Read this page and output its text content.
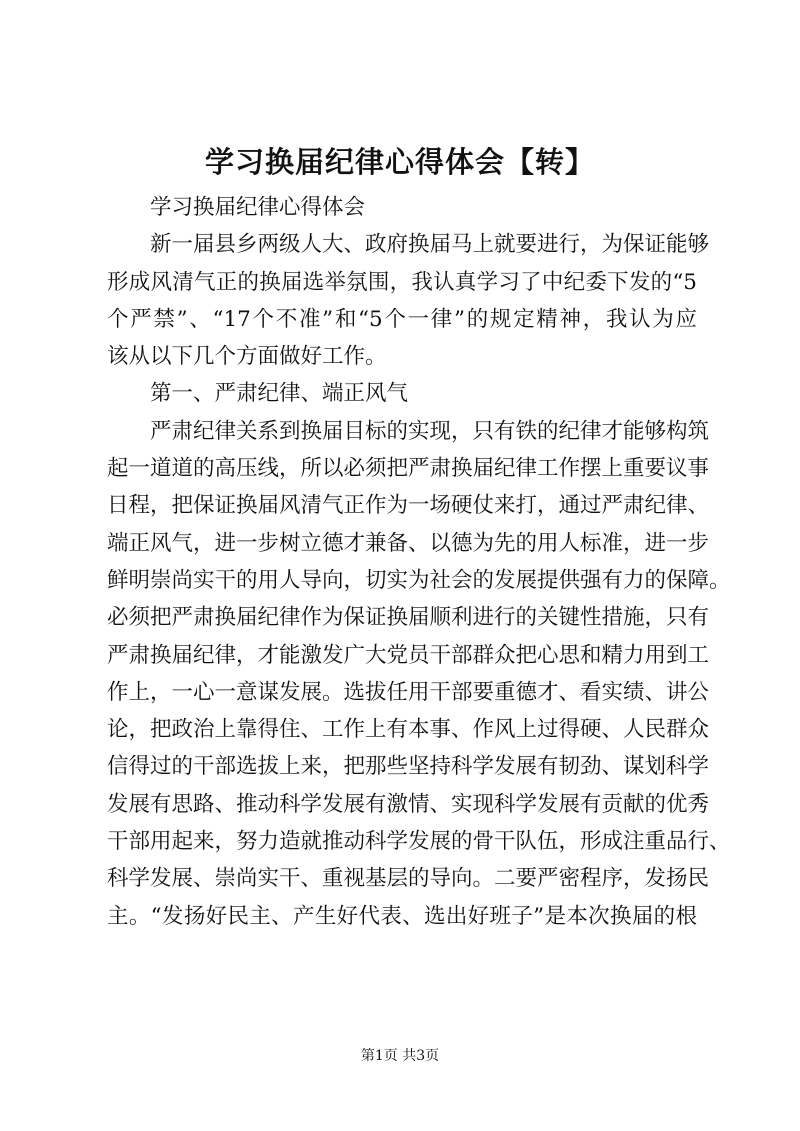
学习换届纪律心得体会【转】
学习换届纪律心得体会
新一届县乡两级人大、政府换届马上就要进行，为保证能够
形成风清气正的换届选举氛围，我认真学习了中纪委下发的“5
个严禁”、“17个不准”和“5个一律”的规定精神，我认为应
该从以下几个方面做好工作。
第一、严肃纪律、端正风气
严肃纪律关系到换届目标的实现，只有铁的纪律才能够构筑
起一道道的高压线，所以必须把严肃换届纪律工作摆上重要议事
日程，把保证换届风清气正作为一场硬仗来打，通过严肃纪律、
端正风气，进一步树立德才兼备、以德为先的用人标准，进一步
鲜明崇尚实干的用人导向，切实为社会的发展提供强有力的保障。
必须把严肃换届纪律作为保证换届顺利进行的关键性措施，只有
严肃换届纪律，才能激发广大党员干部群众把心思和精力用到工
作上，一心一意谋发展。选拔任用干部要重德才、看实绩、讲公
论，把政治上靠得住、工作上有本事、作风上过得硬、人民群众
信得过的干部选拔上来，把那些坚持科学发展有韧劲、谋划科学
发展有思路、推动科学发展有激情、实现科学发展有贡献的优秀
干部用起来，努力造就推动科学发展的骨干队伍，形成注重品行、
科学发展、崇尚实干、重视基层的导向。二要严密程序，发扬民
主。“发扬好民主、产生好代表、选出好班子”是本次换届的根
第1页 共3页
